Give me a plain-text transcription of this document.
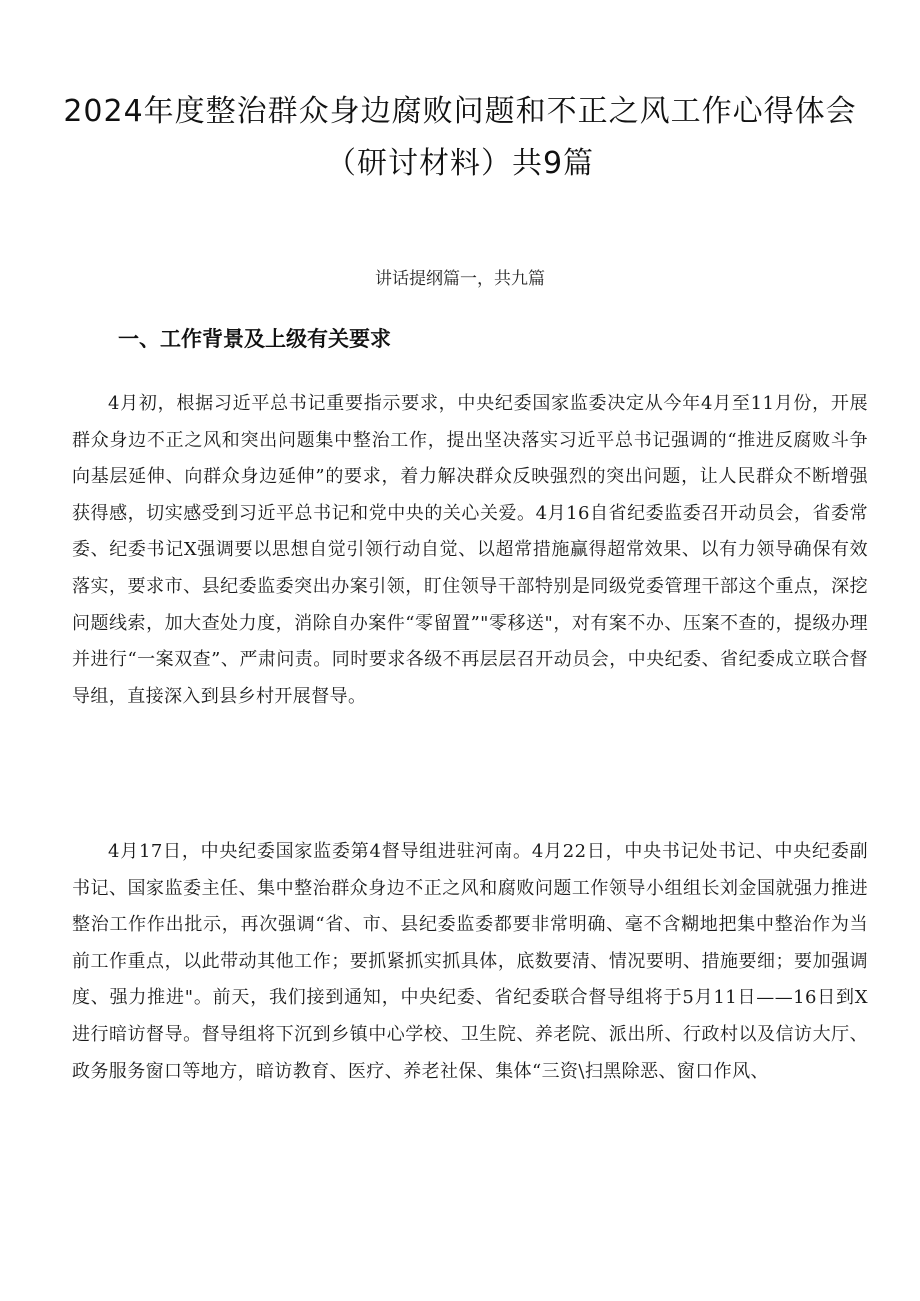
2024年度整治群众身边腐败问题和不正之风工作心得体会（研讨材料）共9篇
讲话提纲篇一，共九篇
一、工作背景及上级有关要求

4月初，根据习近平总书记重要指示要求，中央纪委国家监委决定从今年4月至11月份，开展群众身边不正之风和突出问题集中整治工作，提出坚决落实习近平总书记强调的“推进反腐败斗争向基层延伸、向群众身边延伸”的要求，着力解决群众反映强烈的突出问题，让人民群众不断增强获得感，切实感受到习近平总书记和党中央的关心关爱。4月16自省纪委监委召开动员会，省委常委、纪委书记X强调要以思想自觉引领行动自觉、以超常措施赢得超常效果、以有力领导确保有效落实，要求市、县纪委监委突出办案引领，盯住领导干部特别是同级党委管理干部这个重点，深挖问题线索，加大查处力度，消除自办案件“零留置”"零移送"，对有案不办、压案不查的，提级办理并进行“一案双查”、严肃问责。同时要求各级不再层层召开动员会，中央纪委、省纪委成立联合督导组，直接深入到县乡村开展督导。

4月17日，中央纪委国家监委第4督导组进驻河南。4月22日，中央书记处书记、中央纪委副书记、国家监委主任、集中整治群众身边不正之风和腐败问题工作领导小组组长刘金国就强力推进整治工作作出批示，再次强调“省、市、县纪委监委都要非常明确、毫不含糊地把集中整治作为当前工作重点，以此带动其他工作；要抓紧抓实抓具体，底数要清、情况要明、措施要细；要加强调度、强力推进"。前天，我们接到通知，中央纪委、省纪委联合督导组将于5月11日——16日到X进行暗访督导。督导组将下沉到乡镇中心学校、卫生院、养老院、派出所、行政村以及信访大厅、政务服务窗口等地方，暗访教育、医疗、养老社保、集体“三资\扫黑除恶、窗口作风、
